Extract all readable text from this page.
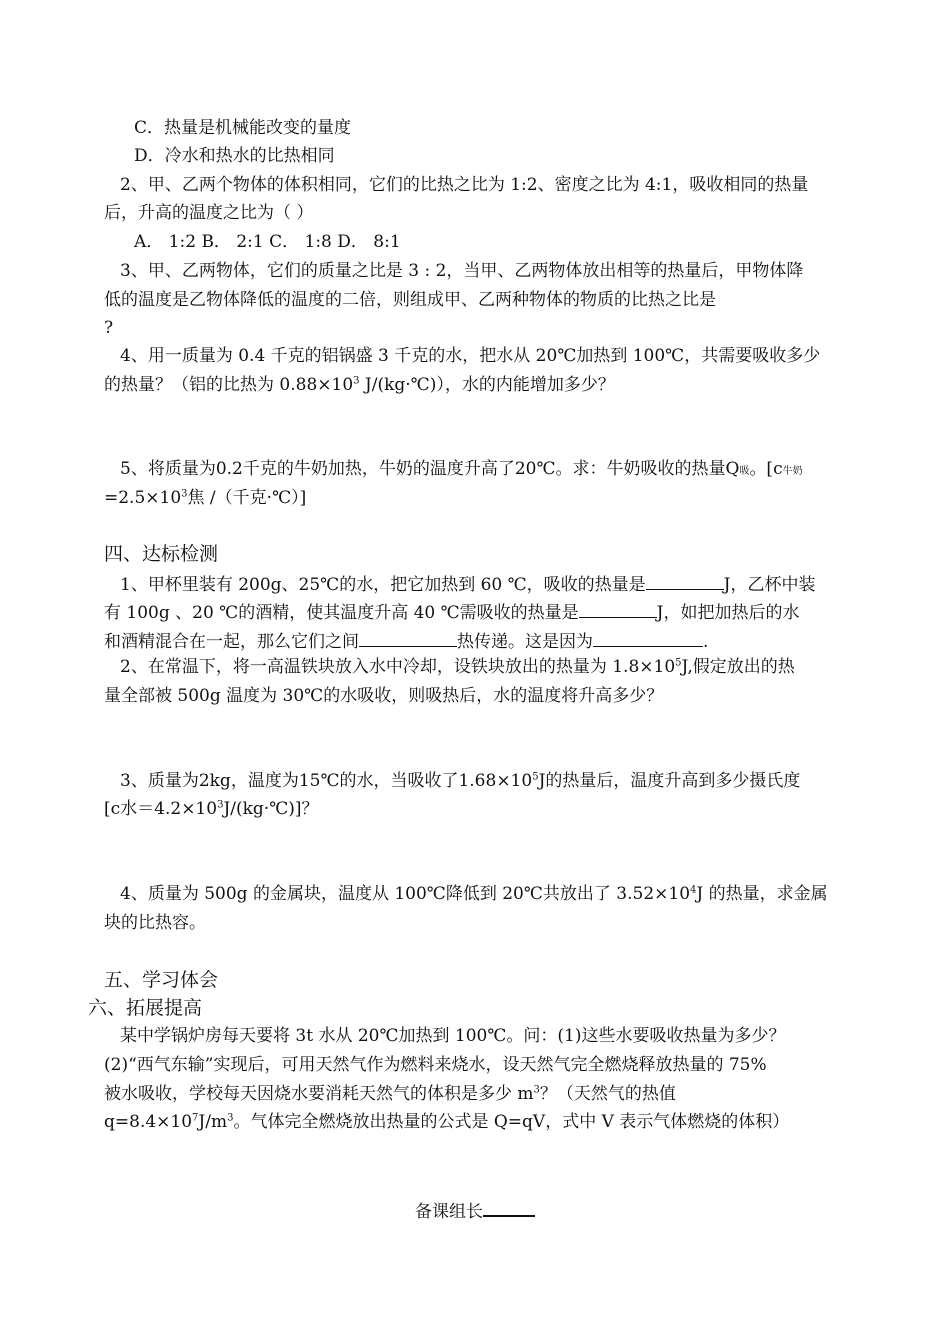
C．热量是机械能改变的量度
D．冷水和热水的比热相同
2、甲、乙两个物体的体积相同，它们的比热之比为 1:2、密度之比为 4:1，吸收相同的热量
后，升高的温度之比为（ ）
A． 1:2 B． 2:1 C． 1:8 D． 8:1
3、甲、乙两物体，它们的质量之比是 3 : 2，当甲、乙两物体放出相等的热量后，甲物体降
低的温度是乙物体降低的温度的二倍，则组成甲、乙两种物体的物质的比热之比是
?
4、用一质量为 0.4 千克的铝锅盛 3 千克的水，把水从 20℃加热到 100℃，共需要吸收多少
的热量？（铝的比热为 $0.88\times 10^3$ J/(kg·℃)），水的内能增加多少？
5、将质量为0.2千克的牛奶加热，牛奶的温度升高了20℃。求：牛奶吸收的热量Q吸。[c牛奶
$=2.5\times 10^3$焦 /（千克·℃）]
四、达标检测
1、甲杯里装有 200g、25℃的水，把它加热到 60 ℃，吸收的热量是	J，乙杯中装
有 100g 、20 ℃的酒精，使其温度升高 40 ℃需吸收的热量是	J，如把加热后的水
和酒精混合在一起，那么它们之间	热传递。这是因为	.
2、在常温下，将一高温铁块放入水中冷却，设铁块放出的热量为 $1.8\times 10^5J$,假定放出的热
量全部被 500g 温度为 30℃的水吸收，则吸热后，水的温度将升高多少？
3、质量为2kg，温度为15℃的水，当吸收了$1.68\times 10^5J$的热量后，温度升高到多少摄氏度
[c水$=4.2\times 10^3J/(kg\cdot℃)$]？
4、质量为 500g 的金属块，温度从 100℃降低到 20℃共放出了 $3.52\times 10^4J$ 的热量，求金属
块的比热容。
五、学习体会
六、拓展提高
某中学锅炉房每天要将 3t 水从 20℃加热到 100℃。问：(1)这些水要吸收热量为多少？
(2)“西气东输”实现后，可用天然气作为燃料来烧水，设天然气完全燃烧释放热量的 75%
被水吸收，学校每天因烧水要消耗天然气的体积是多少 $m^3$？（天然气的热值
$q=8.4\times 10^7J/m^3$。气体完全燃烧放出热量的公式是 Q=qV，式中 V 表示气体燃烧的体积）
备课组长
